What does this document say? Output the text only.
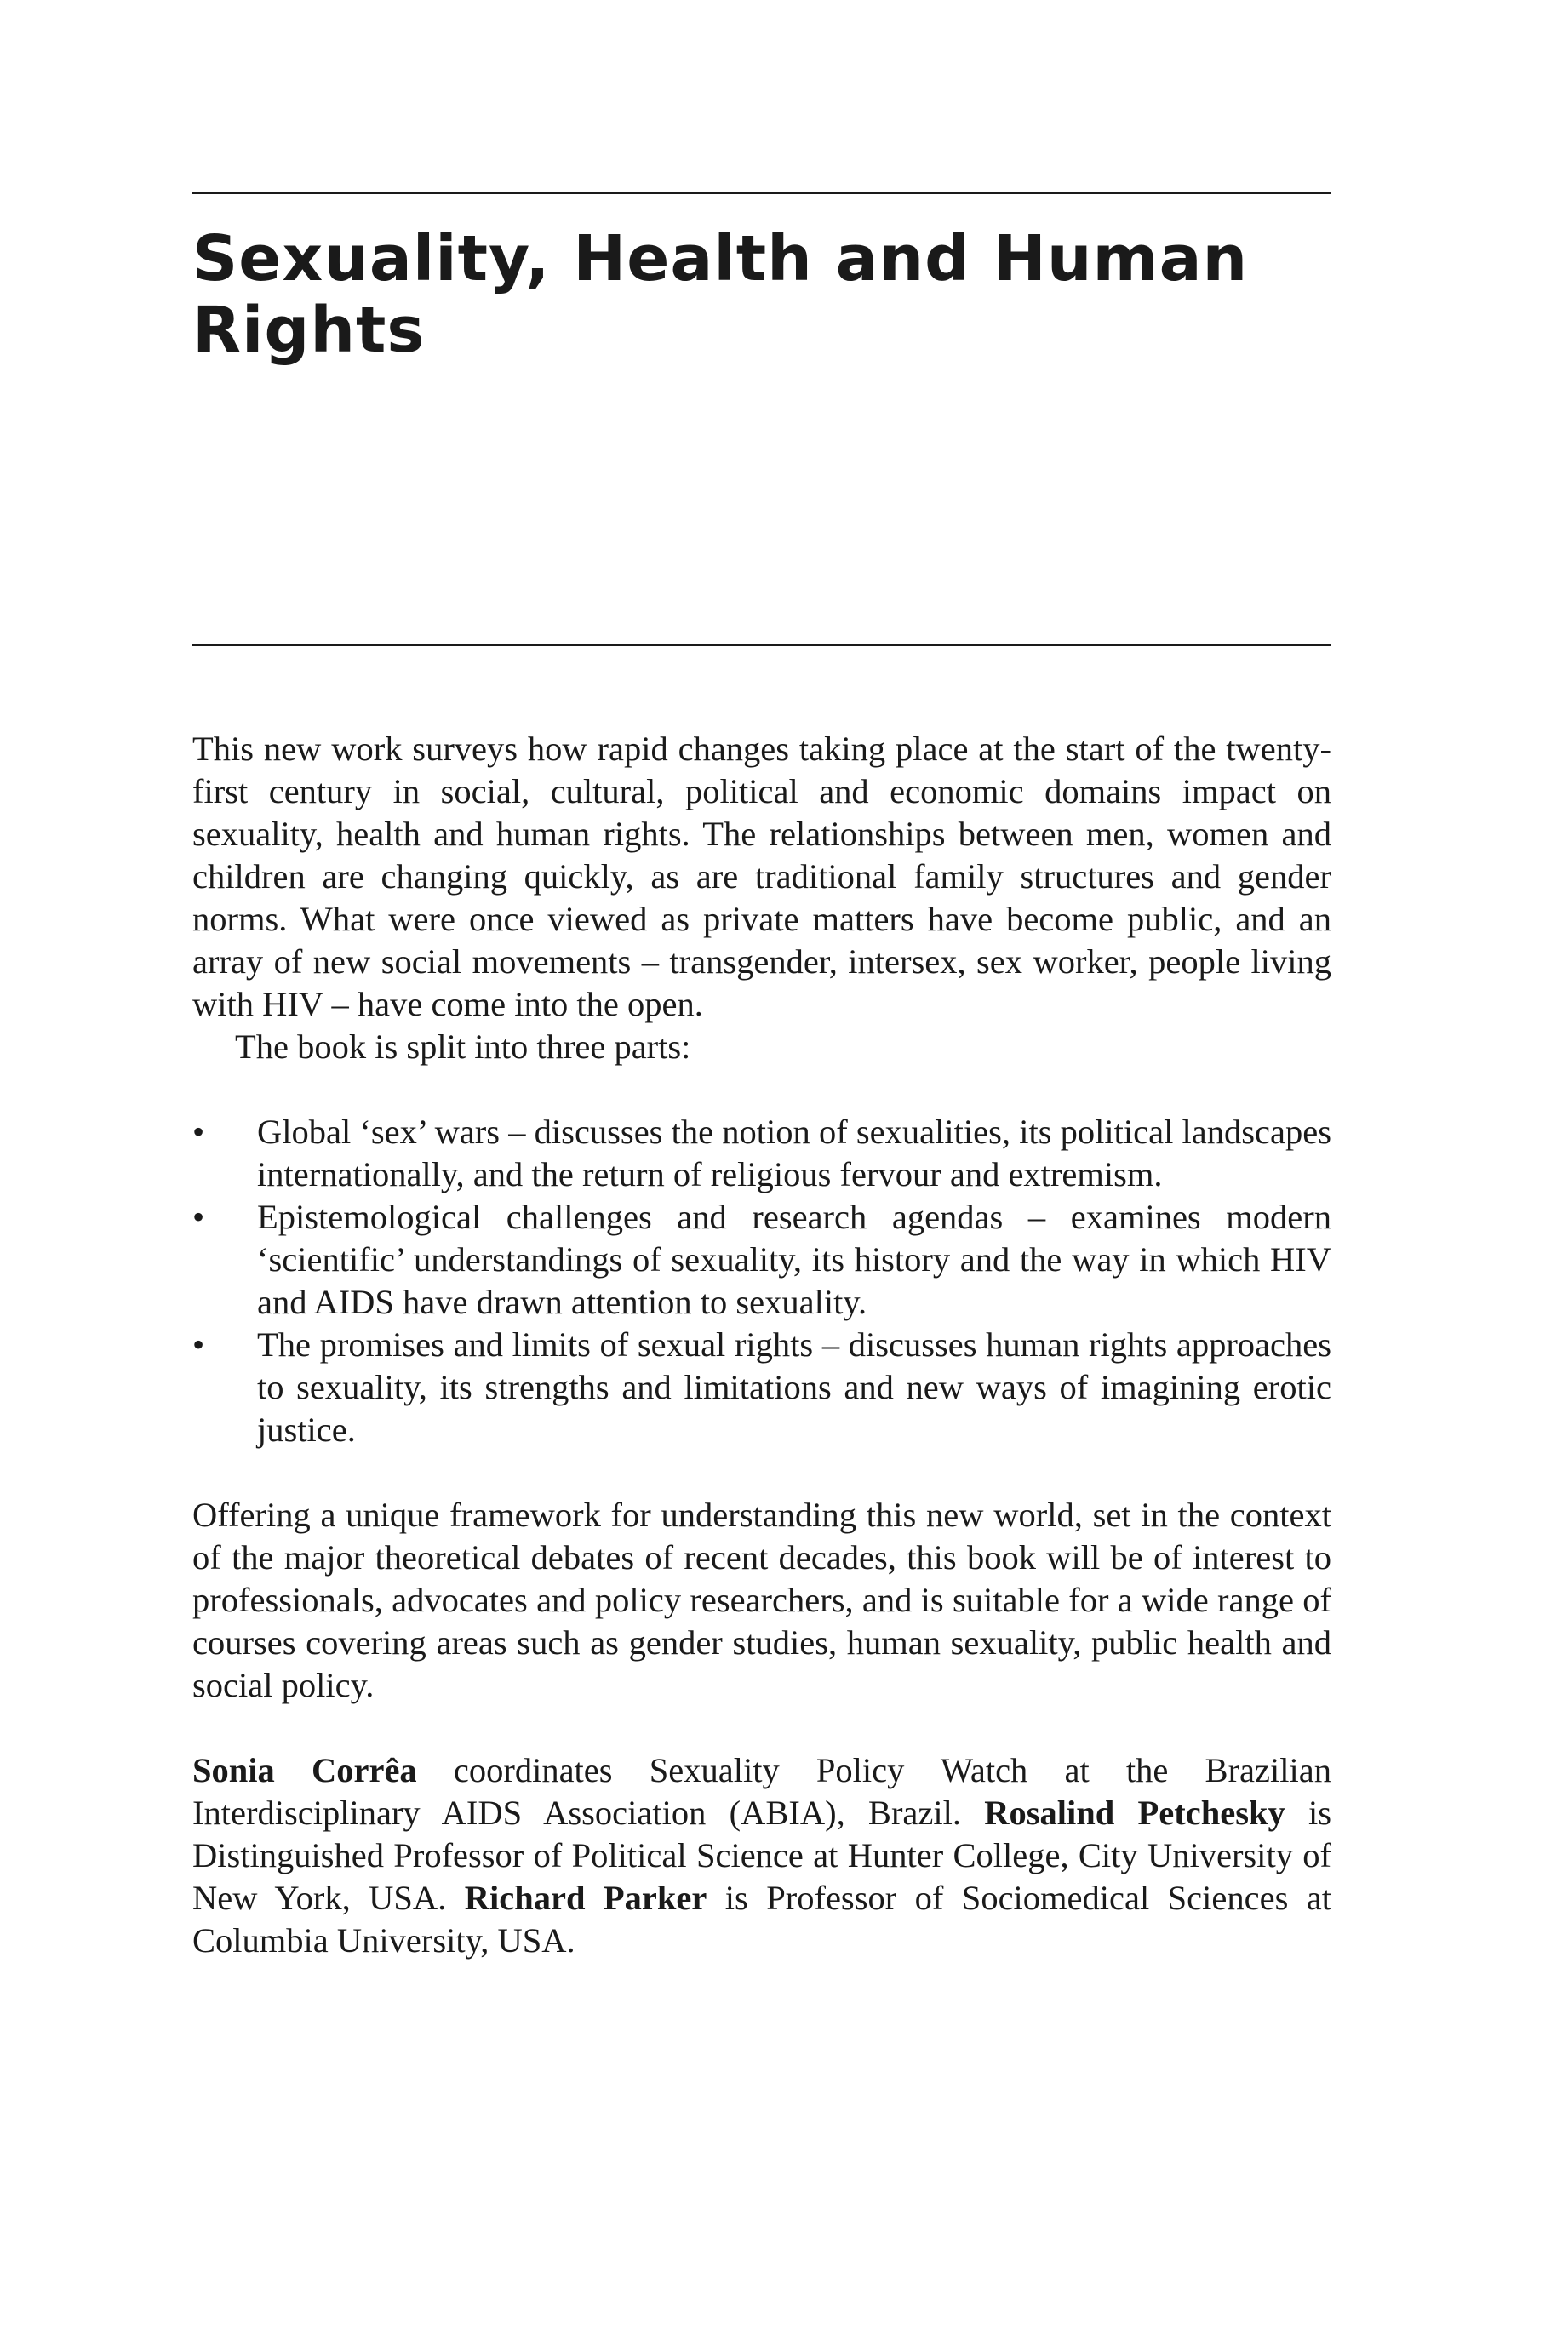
Sexuality, Health and Human Rights

This new work surveys how rapid changes taking place at the start of the twenty-first century in social, cultural, political and economic domains impact on sexuality, health and human rights. The relationships between men, women and children are changing quickly, as are traditional family structures and gender norms. What were once viewed as private matters have become public, and an array of new social movements – transgender, intersex, sex worker, people living with HIV – have come into the open.

The book is split into three parts:

• Global ‘sex’ wars – discusses the notion of sexualities, its political landscapes internationally, and the return of religious fervour and extremism.
• Epistemological challenges and research agendas – examines modern ‘scientific’ understandings of sexuality, its history and the way in which HIV and AIDS have drawn attention to sexuality.
• The promises and limits of sexual rights – discusses human rights approaches to sexuality, its strengths and limitations and new ways of imagining erotic justice.

Offering a unique framework for understanding this new world, set in the context of the major theoretical debates of recent decades, this book will be of interest to professionals, advocates and policy researchers, and is suitable for a wide range of courses covering areas such as gender studies, human sexuality, public health and social policy.

Sonia Corrêa coordinates Sexuality Policy Watch at the Brazilian Interdisciplinary AIDS Association (ABIA), Brazil. Rosalind Petchesky is Distinguished Professor of Political Science at Hunter College, City University of New York, USA. Richard Parker is Professor of Sociomedical Sciences at Columbia University, USA.
